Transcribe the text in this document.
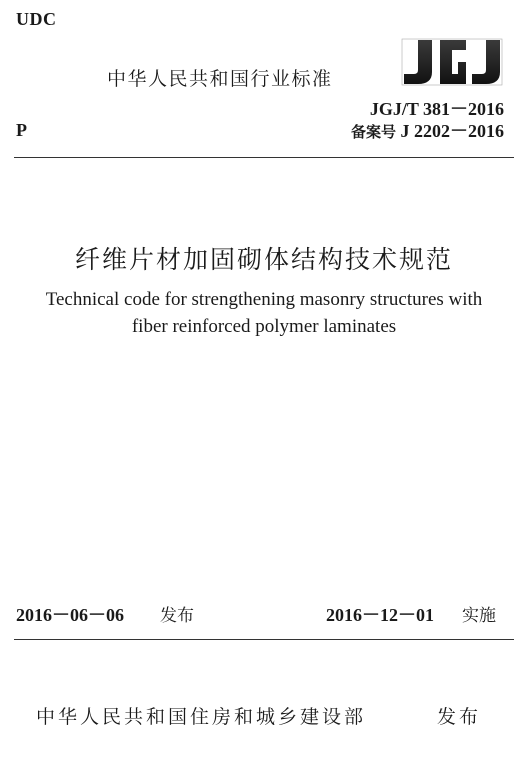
UDC
中华人民共和国行业标准
JGJ/T 381－2016
备案号 J 2202－2016
P
纤维片材加固砌体结构技术规范
Technical code for strengthening masonry structures with
fiber reinforced polymer laminates
2016－06－06 发布	2016－12－01 实施
中华人民共和国住房和城乡建设部	发布
